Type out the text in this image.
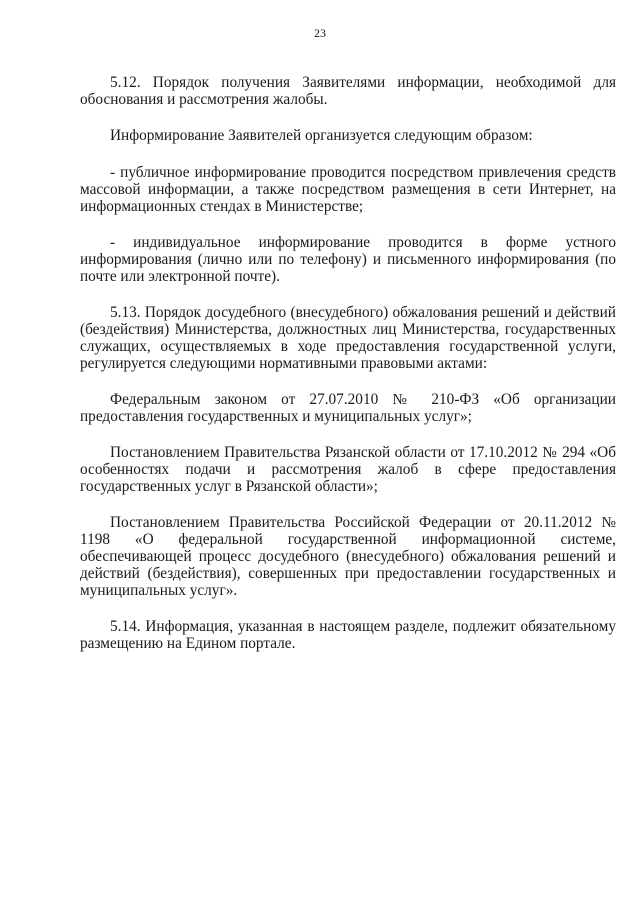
23

5.12. Порядок получения Заявителями информации, необходимой для обоснования и рассмотрения жалобы.

Информирование Заявителей организуется следующим образом:

- публичное информирование проводится посредством привлечения средств массовой информации, а также посредством размещения в сети Интернет, на информационных стендах в Министерстве;

- индивидуальное информирование проводится в форме устного информирования (лично или по телефону) и письменного информирования (по почте или электронной почте).

5.13. Порядок досудебного (внесудебного) обжалования решений и действий (бездействия) Министерства, должностных лиц Министерства, государственных служащих, осуществляемых в ходе предоставления государственной услуги, регулируется следующими нормативными правовыми актами:

Федеральным законом от 27.07.2010 № 210-ФЗ «Об организации предоставления государственных и муниципальных услуг»;

Постановлением Правительства Рязанской области от 17.10.2012 № 294 «Об особенностях подачи и рассмотрения жалоб в сфере предоставления государственных услуг в Рязанской области»;

Постановлением Правительства Российской Федерации от 20.11.2012 № 1198 «О федеральной государственной информационной системе, обеспечивающей процесс досудебного (внесудебного) обжалования решений и действий (бездействия), совершенных при предоставлении государственных и муниципальных услуг».

5.14. Информация, указанная в настоящем разделе, подлежит обязательному размещению на Едином портале.
